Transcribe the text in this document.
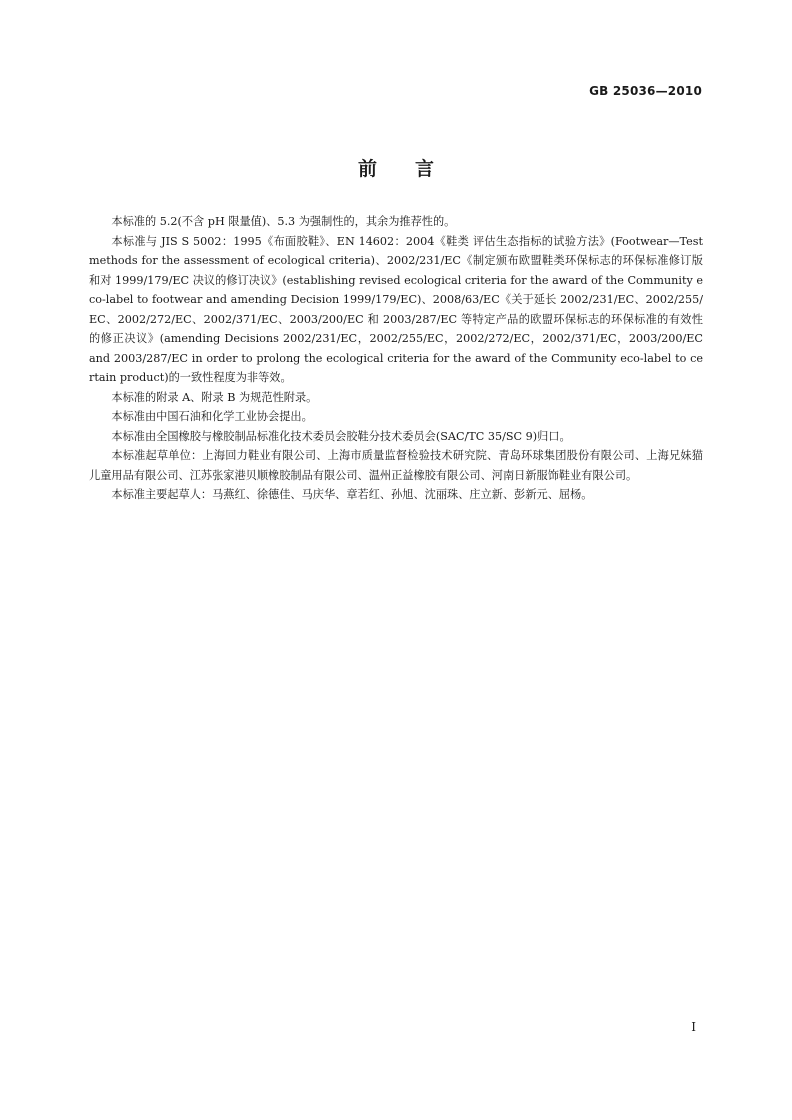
GB 25036—2010
前言

本标准的 5.2(不含 pH 限量值)、5.3 为强制性的，其余为推荐性的。

本标准与 JIS S 5002：1995《布面胶鞋》、EN 14602：2004《鞋类 评估生态指标的试验方法》(Footwear—Test methods for the assessment of ecological criteria)、2002/231/EC《制定颁布欧盟鞋类环保标志的环保标准修订版和对 1999/179/EC 决议的修订决议》(establishing revised ecological criteria for the award of the Community eco-label to footwear and amending Decision 1999/179/EC)、2008/63/EC《关于延长 2002/231/EC、2002/255/EC、2002/272/EC、2002/371/EC、2003/200/EC 和 2003/287/EC 等特定产品的欧盟环保标志的环保标准的有效性的修正决议》(amending Decisions 2002/231/EC，2002/255/EC，2002/272/EC，2002/371/EC，2003/200/EC and 2003/287/EC in order to prolong the ecological criteria for the award of the Community eco-label to certain product)的一致性程度为非等效。

本标准的附录 A、附录 B 为规范性附录。

本标准由中国石油和化学工业协会提出。

本标准由全国橡胶与橡胶制品标准化技术委员会胶鞋分技术委员会(SAC/TC 35/SC 9)归口。

本标准起草单位：上海回力鞋业有限公司、上海市质量监督检验技术研究院、青岛环球集团股份有限公司、上海兄妹猫儿童用品有限公司、江苏张家港贝顺橡胶制品有限公司、温州正益橡胶有限公司、河南日新服饰鞋业有限公司。

本标准主要起草人：马燕红、徐德佳、马庆华、章若红、孙旭、沈丽珠、庄立新、彭新元、屈杨。

I
